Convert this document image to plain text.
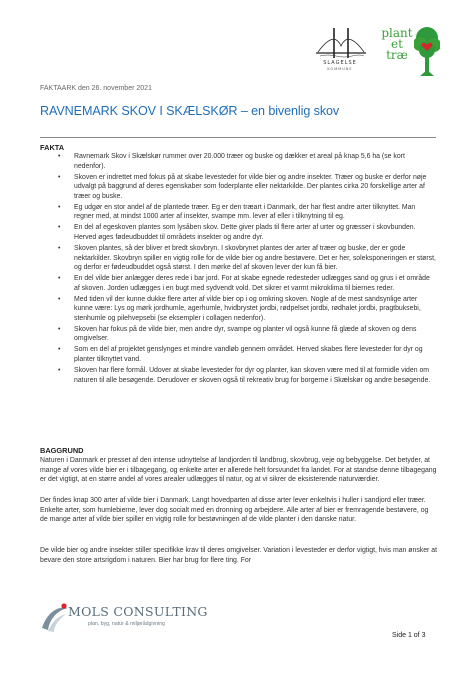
SLAGELSE
KOMMUNE
plant
et
træ
FAKTAARK den 26. november 2021
RAVNEMARK SKOV I SKÆLSKØR – en bivenlig skov
FAKTA
• Ravnemark Skov i Skælskør rummer over 20.000 træer og buske og dækker et areal på knap 5,6 ha (se kort nedenfor).
• Skoven er indrettet med fokus på at skabe levesteder for vilde bier og andre insekter. Træer og buske er derfor nøje udvalgt på baggrund af deres egenskaber som foderplante eller nektarkilde. Der plantes cirka 20 forskellige arter af træer og buske.
• Eg udgør en stor andel af de plantede træer. Eg er den træart i Danmark, der har flest andre arter tilknyttet. Man regner med, at mindst 1000 arter af insekter, svampe mm. lever af eller i tilknytning til eg.
• En del af egeskoven plantes som lysåben skov. Dette giver plads til flere arter af urter og græsser i skovbunden. Herved øges fødeudbuddet til områdets insekter og andre dyr.
• Skoven plantes, så der bliver et bredt skovbryn. I skovbrynet plantes der arter af træer og buske, der er gode nektarkilder. Skovbryn spiller en vigtig rolle for de vilde bier og andre bestøvere. Det er her, soleksponeringen er størst, og derfor er fødeudbuddet også størst. I den mørke del af skoven lever der kun få bier.
• En del vilde bier anlægger deres rede i bar jord. For at skabe egnede redesteder udlægges sand og grus i et område af skoven. Jorden udlægges i en bugt med sydvendt vold. Det sikrer et varmt mikroklima til biernes reder.
• Med tiden vil der kunne dukke flere arter af vilde bier op i og omkring skoven. Nogle af de mest sandsynlige arter kunne være: Lys og mørk jordhumle, agerhumle, hvidbrystet jordbi, rødpelset jordbi, rødhalet jordbi, pragtbuksebi, stenhumle og pilehvepsebi (se eksempler i collagen nedenfor).
• Skoven har fokus på de vilde bier, men andre dyr, svampe og planter vil også kunne få glæde af skoven og dens omgivelser.
• Som en del af projektet genslynges et mindre vandløb gennem området. Herved skabes flere levesteder for dyr og planter tilknyttet vand.
• Skoven har flere formål. Udover at skabe levesteder for dyr og planter, kan skoven være med til at formidle viden om naturen til alle besøgende. Derudover er skoven også til rekreativ brug for borgerne i Skælskør og andre besøgende.
BAGGRUND

Naturen i Danmark er presset af den intense udnyttelse af landjorden til landbrug, skovbrug, veje og bebyggelse. Det betyder, at mange af vores vilde bier er i tilbagegang, og enkelte arter er allerede helt forsvundet fra landet. For at standse denne tilbagegang er det vigtigt, at en større andel af vores arealer udlægges til natur, og at vi sikrer de eksisterende naturværdier.

Der findes knap 300 arter af vilde bier i Danmark. Langt hovedparten af disse arter lever enkeltvis i huller i sandjord eller træer. Enkelte arter, som humlebierne, lever dog socialt med en dronning og arbejdere. Alle arter af bier er fremragende bestøvere, og de mange arter af vilde bier spiller en vigtig rolle for bestøvningen af de vilde planter i den danske natur.

De vilde bier og andre insekter stiller specifikke krav til deres omgivelser. Variation i levesteder er derfor vigtigt, hvis man ønsker at bevare den store artsrigdom i naturen. Bier har brug for flere ting. For

MOLS CONSULTING
plan, byg, natur & miljørådgivning
Side 1 of 3
